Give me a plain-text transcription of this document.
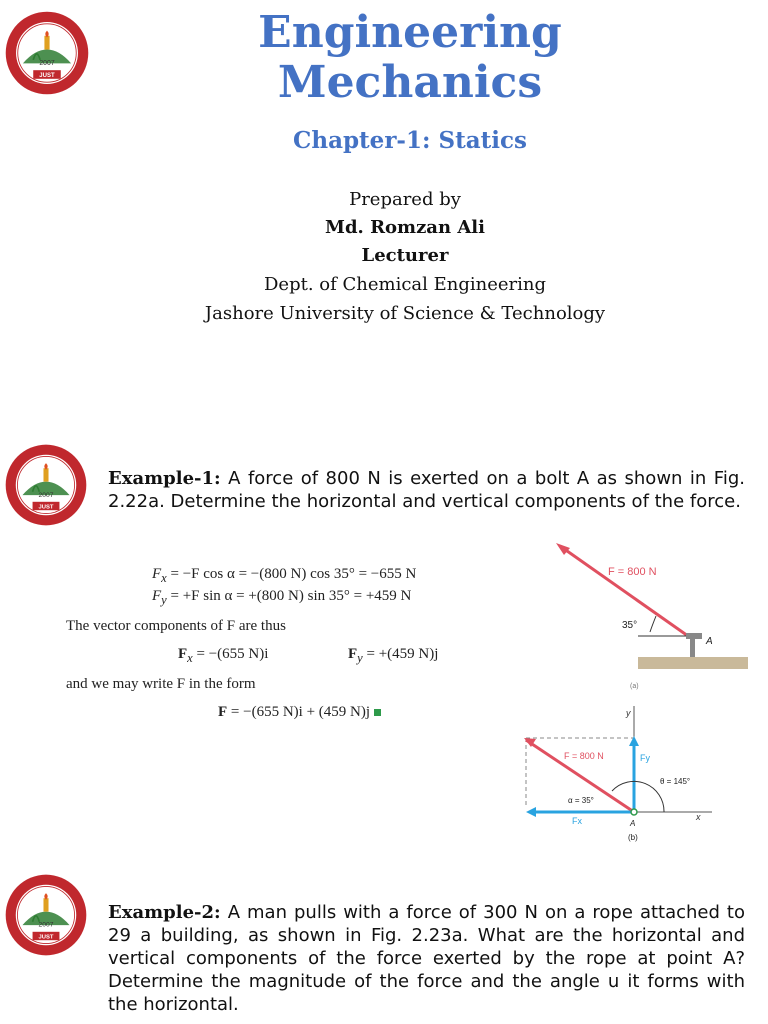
2007
JUST
Engineering
Mechanics
Chapter-1: Statics
Prepared by
Md. Romzan Ali
Lecturer
Dept. of Chemical Engineering
Jashore University of Science & Technology
2007
JUST
Example-1: A force of 800 N is exerted on a bolt A as shown in Fig. 2.22a. Determine the horizontal and vertical components of the force.
$F_x = -F$ cos α = −(800 N) cos 35° = −655 N
$F_y = +F$ sin α = +(800 N) sin 35° = +459 N
The vector components of F are thus
$F_x = -(655$ N)i	$F_y = +(459$ N)j
and we may write F in the form
F = −(655 N)i + (459 N)j
F = 800 N
35°
A
(a)
y
x
F = 800 N	Fy
Fx
θ = 145°
α = 35°
A
(b)
2007
JUST
Example-2: A man pulls with a force of 300 N on a rope attached to 29 a building, as shown in Fig. 2.23a. What are the horizontal and vertical components of the force exerted by the rope at point A? Determine the magnitude of the force and the angle u it forms with the horizontal.
